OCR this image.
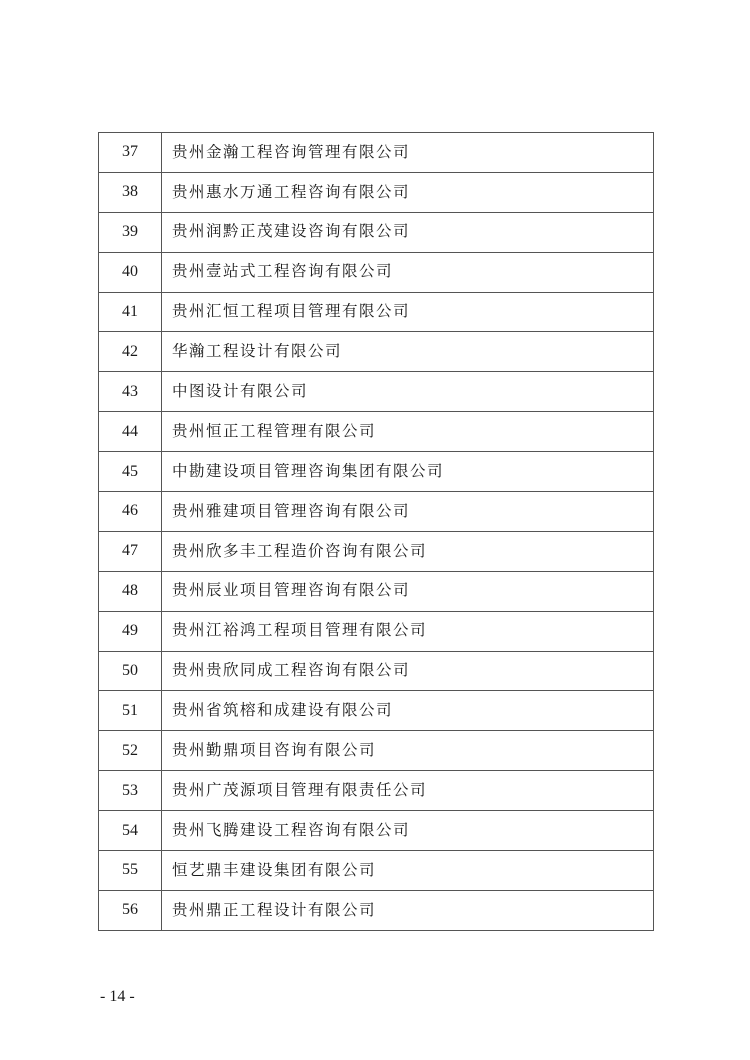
37	贵州金瀚工程咨询管理有限公司
38	贵州惠水万通工程咨询有限公司
39	贵州润黔正茂建设咨询有限公司
40	贵州壹站式工程咨询有限公司
41	贵州汇恒工程项目管理有限公司
42	华瀚工程设计有限公司
43	中图设计有限公司
44	贵州恒正工程管理有限公司
45	中勘建设项目管理咨询集团有限公司
46	贵州雅建项目管理咨询有限公司
47	贵州欣多丰工程造价咨询有限公司
48	贵州辰业项目管理咨询有限公司
49	贵州江裕鸿工程项目管理有限公司
50	贵州贵欣同成工程咨询有限公司
51	贵州省筑榕和成建设有限公司
52	贵州勤鼎项目咨询有限公司
53	贵州广茂源项目管理有限责任公司
54	贵州飞腾建设工程咨询有限公司
55	恒艺鼎丰建设集团有限公司
56	贵州鼎正工程设计有限公司
- 14 -
